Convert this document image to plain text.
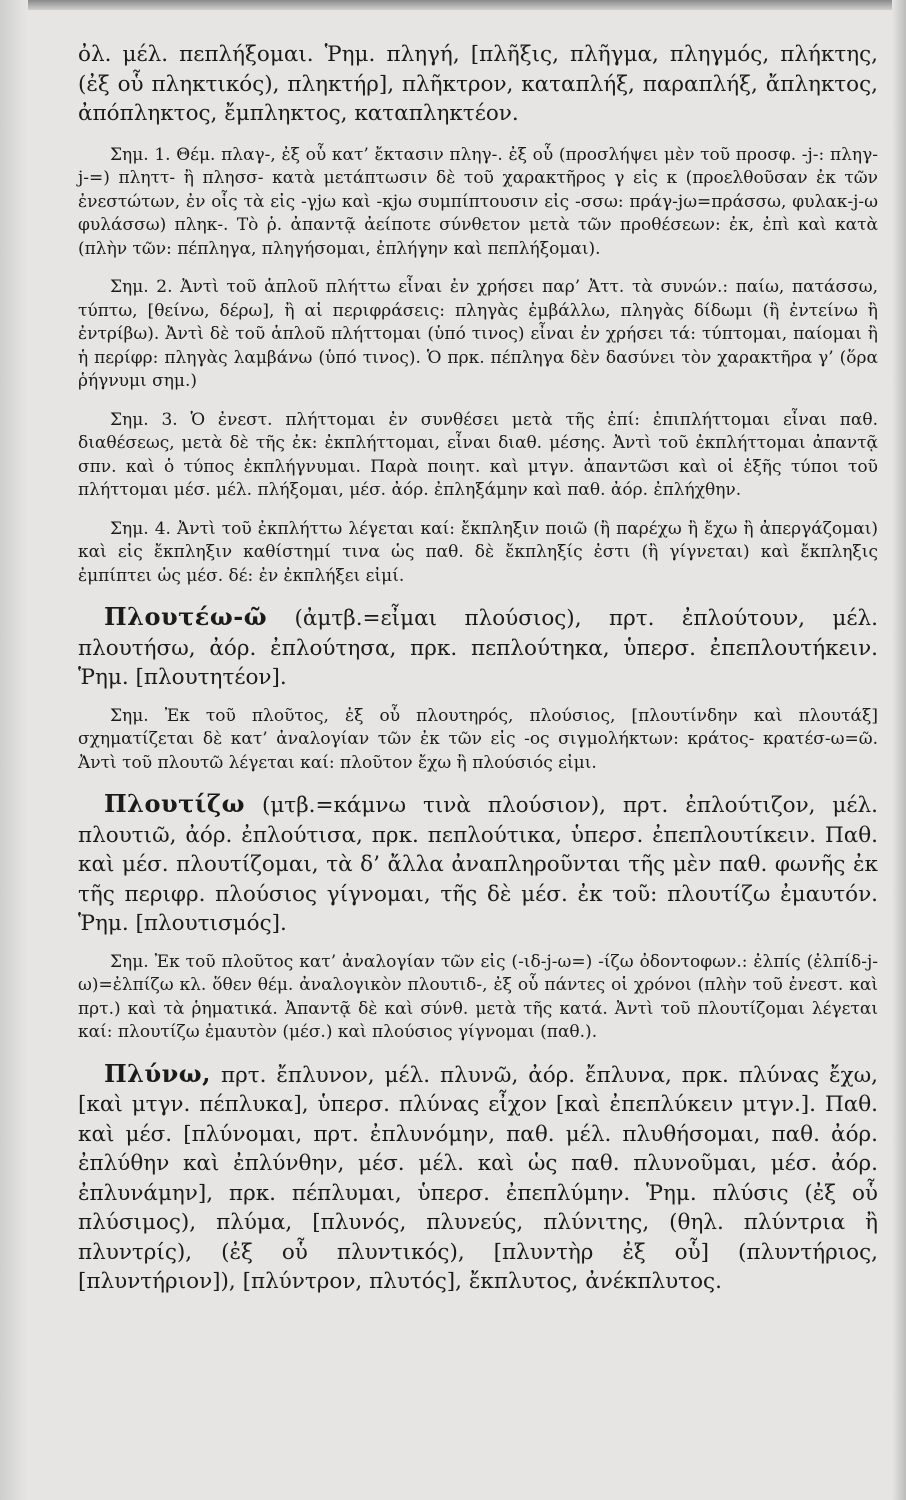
ὀλ. μέλ. πεπλήξομαι. Ῥημ. πληγή, [πλῆξις, πλῆγμα, πληγμός, πλήκτης, (ἐξ οὗ πληκτικός), πληκτήρ], πλῆκτρον, καταπλήξ, παραπλήξ, ἄπληκτος, ἀπόπληκτος, ἔμπληκτος, καταπληκτέον.

Σημ. 1. Θέμ. πλαγ-, ἐξ οὗ κατ’ ἔκτασιν πληγ-. ἐξ οὗ (προσλήψει μὲν τοῦ προσφ. -j-: πληγ-j-=) πληττ- ἢ πλησσ- κατὰ μετάπτωσιν δὲ τοῦ χαρακτῆρος γ εἰς κ (προελθοῦσαν ἐκ τῶν ἐνεστώτων, ἐν οἷς τὰ εἰς -γjω καὶ -κjω συμπίπτουσιν εἰς -σσω: πράγ-jω=πράσσω, φυλακ-j-ω φυλάσσω) πληκ-. Τὸ ῥ. ἀπαντᾷ ἀείποτε σύνθετον μετὰ τῶν προθέσεων: ἐκ, ἐπὶ καὶ κατὰ (πλὴν τῶν: πέπληγα, πληγήσομαι, ἐπλήγην καὶ πεπλήξομαι).

Σημ. 2. Ἀντὶ τοῦ ἁπλοῦ πλήττω εἶναι ἐν χρήσει παρ’ Ἀττ. τὰ συνών.: παίω, πατάσσω, τύπτω, [θείνω, δέρω], ἢ αἱ περιφράσεις: πληγὰς ἐμβάλλω, πληγὰς δίδωμι (ἢ ἐντείνω ἢ ἐντρίβω). Ἀντὶ δὲ τοῦ ἁπλοῦ πλήττομαι (ὑπό τινος) εἶναι ἐν χρήσει τά: τύπτομαι, παίομαι ἢ ἡ περίφρ: πληγὰς λαμβάνω (ὑπό τινος). Ὁ πρκ. πέπληγα δὲν δασύνει τὸν χαρακτῆρα γ’ (ὅρα ῥήγνυμι σημ.)

Σημ. 3. Ὁ ἐνεστ. πλήττομαι ἐν συνθέσει μετὰ τῆς ἐπί: ἐπιπλήττομαι εἶναι παθ. διαθέσεως, μετὰ δὲ τῆς ἐκ: ἐκπλήττομαι, εἶναι διαθ. μέσης. Ἀντὶ τοῦ ἐκπλήττομαι ἀπαντᾷ σπν. καὶ ὁ τύπος ἐκπλήγνυμαι. Παρὰ ποιητ. καὶ μτγν. ἀπαντῶσι καὶ οἱ ἑξῆς τύποι τοῦ πλήττομαι μέσ. μέλ. πλήξομαι, μέσ. ἀόρ. ἐπληξάμην καὶ παθ. ἀόρ. ἐπλήχθην.

Σημ. 4. Ἀντὶ τοῦ ἐκπλήττω λέγεται καί: ἔκπληξιν ποιῶ (ἢ παρέχω ἢ ἔχω ἢ ἀπεργάζομαι) καὶ εἰς ἔκπληξιν καθίστημί τινα ὡς παθ. δὲ ἔκπληξίς ἐστι (ἢ γίγνεται) καὶ ἔκπληξις ἐμπίπτει ὡς μέσ. δέ: ἐν ἐκπλήξει εἰμί.

Πλουτέω-ῶ (ἀμτβ.=εἶμαι πλούσιος), πρτ. ἐπλούτουν, μέλ. πλουτήσω, ἀόρ. ἐπλούτησα, πρκ. πεπλούτηκα, ὑπερσ. ἐπεπλουτήκειν. Ῥημ. [πλουτητέον].

Σημ. Ἐκ τοῦ πλοῦτος, ἐξ οὗ πλουτηρός, πλούσιος, [πλουτίνδην καὶ πλουτάξ] σχηματίζεται δὲ κατ’ ἀναλογίαν τῶν ἐκ τῶν εἰς -ος σιγμολήκτων: κράτος- κρατέσ-ω=ῶ. Ἀντὶ τοῦ πλουτῶ λέγεται καί: πλοῦτον ἔχω ἢ πλούσιός εἰμι.

Πλουτίζω (μτβ.=κάμνω τινὰ πλούσιον), πρτ. ἐπλούτιζον, μέλ. πλουτιῶ, ἀόρ. ἐπλούτισα, πρκ. πεπλούτικα, ὑπερσ. ἐπεπλουτίκειν. Παθ. καὶ μέσ. πλουτίζομαι, τὰ δ’ ἄλλα ἀναπληροῦνται τῆς μὲν παθ. φωνῆς ἐκ τῆς περιφρ. πλούσιος γίγνομαι, τῆς δὲ μέσ. ἐκ τοῦ: πλουτίζω ἐμαυτόν. Ῥημ. [πλουτισμός].

Σημ. Ἐκ τοῦ πλοῦτος κατ’ ἀναλογίαν τῶν εἰς (-ιδ-j-ω=) -ίζω ὀδοντοφων.: ἐλπίς (ἐλπίδ-j-ω)=ἐλπίζω κλ. ὅθεν θέμ. ἀναλογικὸν πλουτιδ-, ἐξ οὗ πάντες οἱ χρόνοι (πλὴν τοῦ ἐνεστ. καὶ πρτ.) καὶ τὰ ῥηματικά. Ἀπαντᾷ δὲ καὶ σύνθ. μετὰ τῆς κατά. Ἀντὶ τοῦ πλουτίζομαι λέγεται καί: πλουτίζω ἐμαυτὸν (μέσ.) καὶ πλούσιος γίγνομαι (παθ.).

Πλύνω, πρτ. ἔπλυνον, μέλ. πλυνῶ, ἀόρ. ἔπλυνα, πρκ. πλύνας ἔχω, [καὶ μτγν. πέπλυκα], ὑπερσ. πλύνας εἶχον [καὶ ἐπεπλύκειν μτγν.]. Παθ. καὶ μέσ. [πλύνομαι, πρτ. ἐπλυνόμην, παθ. μέλ. πλυθήσομαι, παθ. ἀόρ. ἐπλύθην καὶ ἐπλύνθην, μέσ. μέλ. καὶ ὡς παθ. πλυνοῦμαι, μέσ. ἀόρ. ἐπλυνάμην], πρκ. πέπλυμαι, ὑπερσ. ἐπεπλύμην. Ῥημ. πλύσις (ἐξ οὗ πλύσιμος), πλύμα, [πλυνός, πλυνεύς, πλύνιτης, (θηλ. πλύντρια ἢ πλυντρίς), (ἐξ οὗ πλυντικός), [πλυντὴρ ἐξ οὗ] (πλυντήριος, [πλυντήριον]), [πλύντρον, πλυτός], ἔκπλυτος, ἀνέκπλυτος.
